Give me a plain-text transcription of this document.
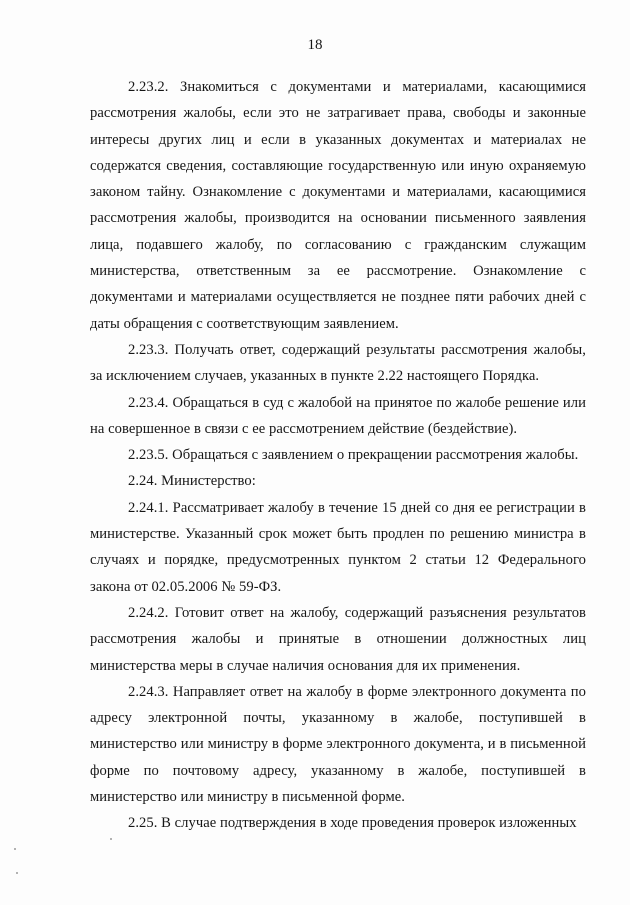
18

2.23.2. Знакомиться с документами и материалами, касающимися рассмотрения жалобы, если это не затрагивает права, свободы и законные интересы других лиц и если в указанных документах и материалах не содержатся сведения, составляющие государственную или иную охраняемую законом тайну. Ознакомление с документами и материалами, касающимися рассмотрения жалобы, производится на основании письменного заявления лица, подавшего жалобу, по согласованию с гражданским служащим министерства, ответственным за ее рассмотрение. Ознакомление с документами и материалами осуществляется не позднее пяти рабочих дней с даты обращения с соответствующим заявлением.

2.23.3. Получать ответ, содержащий результаты рассмотрения жалобы, за исключением случаев, указанных в пункте 2.22 настоящего Порядка.

2.23.4. Обращаться в суд с жалобой на принятое по жалобе решение или на совершенное в связи с ее рассмотрением действие (бездействие).

2.23.5. Обращаться с заявлением о прекращении рассмотрения жалобы.

2.24. Министерство:

2.24.1. Рассматривает жалобу в течение 15 дней со дня ее регистрации в министерстве. Указанный срок может быть продлен по решению министра в случаях и порядке, предусмотренных пунктом 2 статьи 12 Федерального закона от 02.05.2006 № 59-ФЗ.

2.24.2. Готовит ответ на жалобу, содержащий разъяснения результатов рассмотрения жалобы и принятые в отношении должностных лиц министерства меры в случае наличия основания для их применения.

2.24.3. Направляет ответ на жалобу в форме электронного документа по адресу электронной почты, указанному в жалобе, поступившей в министерство или министру в форме электронного документа, и в письменной форме по почтовому адресу, указанному в жалобе, поступившей в министерство или министру в письменной форме.

2.25. В случае подтверждения в ходе проведения проверок изложенных
